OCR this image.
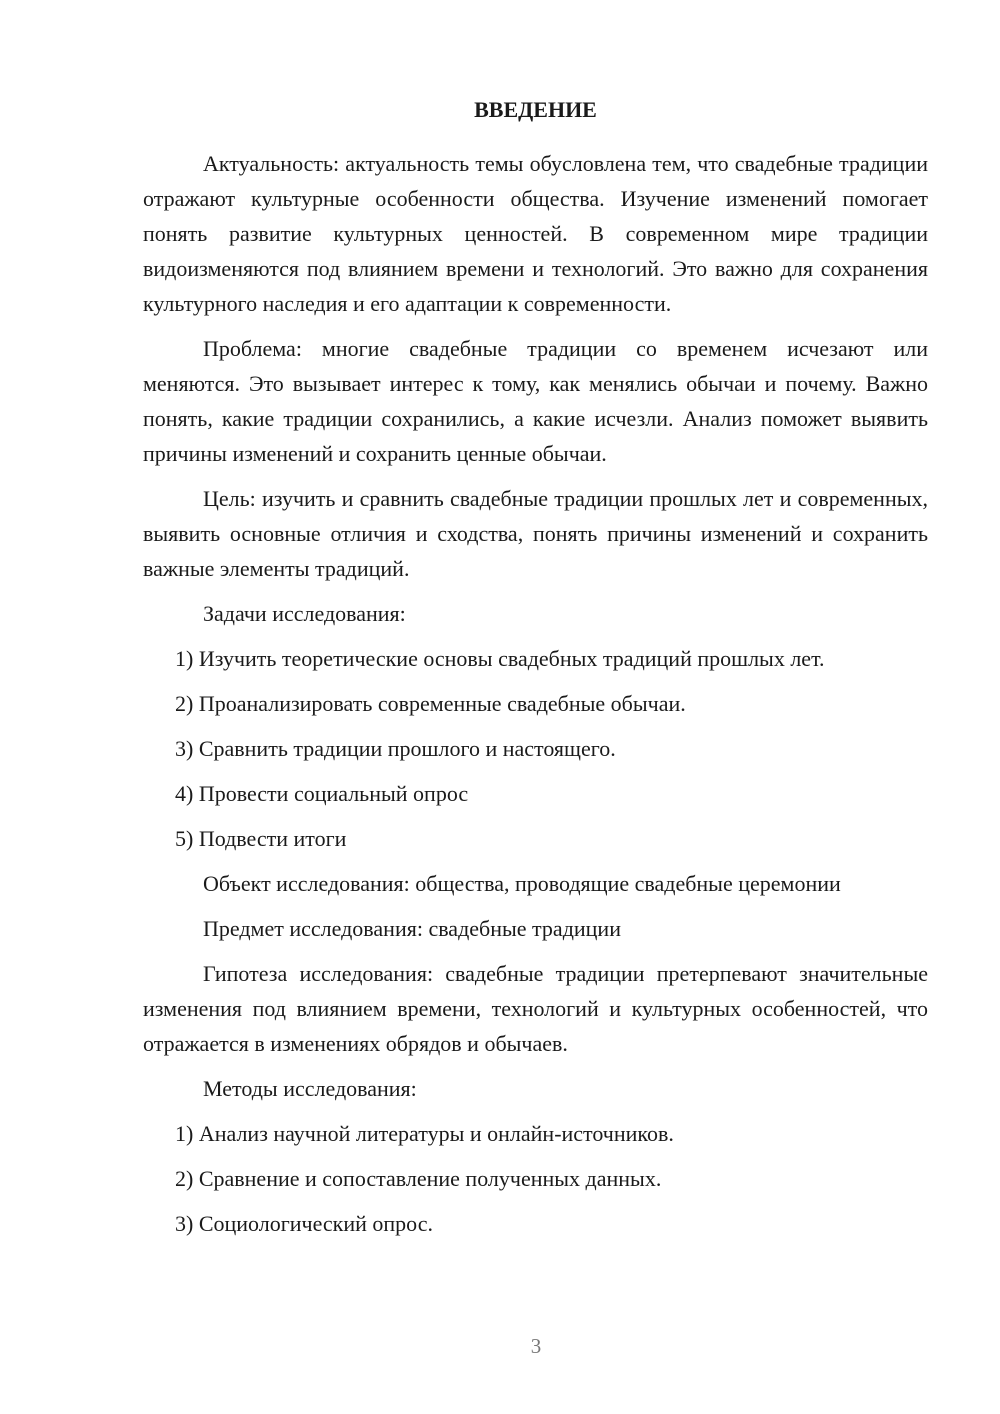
ВВЕДЕНИЕ

Актуальность: актуальность темы обусловлена тем, что свадебные традиции отражают культурные особенности общества. Изучение изменений помогает понять развитие культурных ценностей. В современном мире традиции видоизменяются под влиянием времени и технологий. Это важно для сохранения культурного наследия и его адаптации к современности.

Проблема: многие свадебные традиции со временем исчезают или меняются. Это вызывает интерес к тому, как менялись обычаи и почему. Важно понять, какие традиции сохранились, а какие исчезли. Анализ поможет выявить причины изменений и сохранить ценные обычаи.

Цель: изучить и сравнить свадебные традиции прошлых лет и современных, выявить основные отличия и сходства, понять причины изменений и сохранить важные элементы традиций.

Задачи исследования:

1) Изучить теоретические основы свадебных традиций прошлых лет.

2) Проанализировать современные свадебные обычаи.

3) Сравнить традиции прошлого и настоящего.

4) Провести социальный опрос

5) Подвести итоги

Объект исследования: общества, проводящие свадебные церемонии

Предмет исследования: свадебные традиции

Гипотеза исследования: свадебные традиции претерпевают значительные изменения под влиянием времени, технологий и культурных особенностей, что отражается в изменениях обрядов и обычаев.

Методы исследования:

1) Анализ научной литературы и онлайн-источников.

2) Сравнение и сопоставление полученных данных.

3) Социологический опрос.

3
